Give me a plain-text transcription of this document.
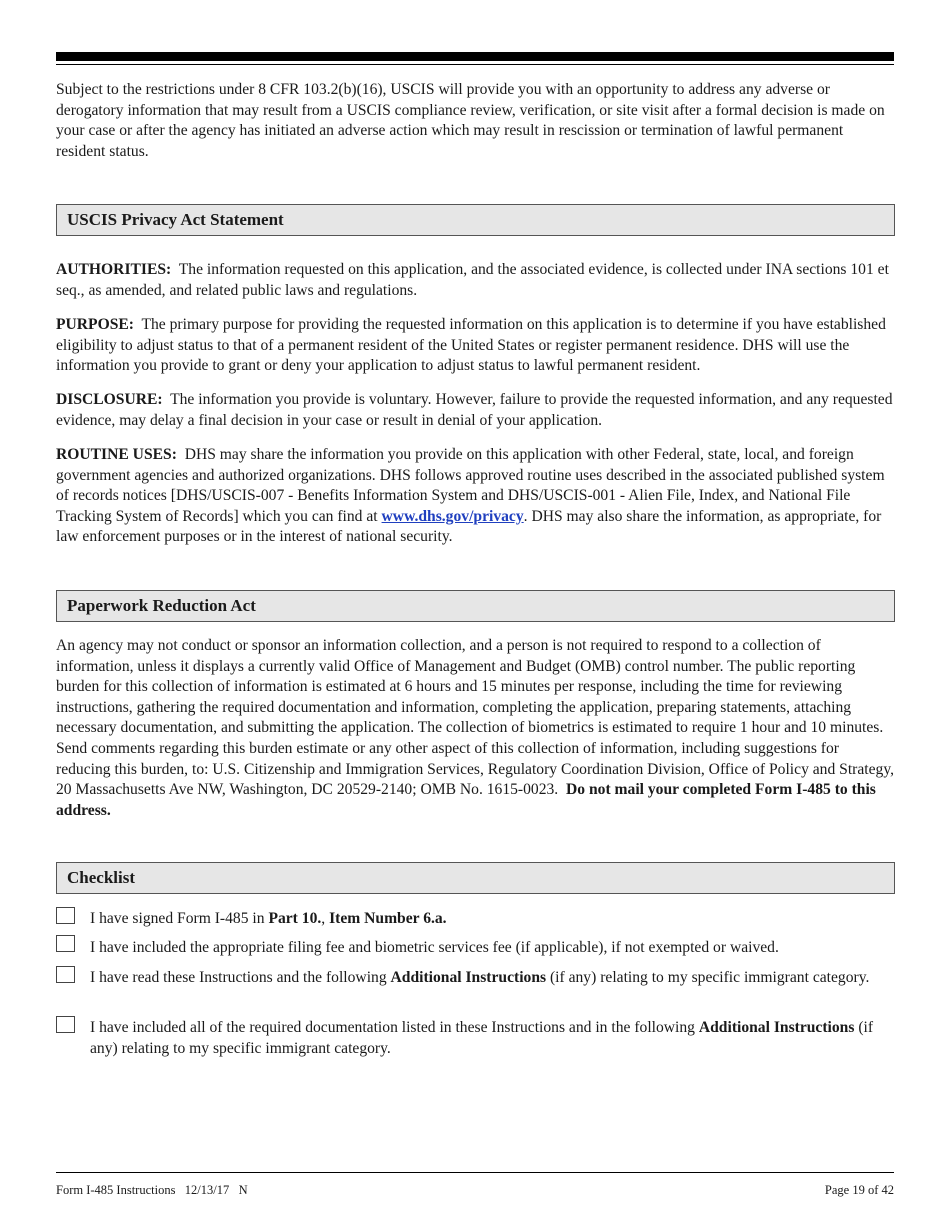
Subject to the restrictions under 8 CFR 103.2(b)(16), USCIS will provide you with an opportunity to address any adverse or derogatory information that may result from a USCIS compliance review, verification, or site visit after a formal decision is made on your case or after the agency has initiated an adverse action which may result in rescission or termination of lawful permanent resident status.

USCIS Privacy Act Statement

AUTHORITIES: The information requested on this application, and the associated evidence, is collected under INA sections 101 et seq., as amended, and related public laws and regulations.

PURPOSE: The primary purpose for providing the requested information on this application is to determine if you have established eligibility to adjust status to that of a permanent resident of the United States or register permanent residence. DHS will use the information you provide to grant or deny your application to adjust status to lawful permanent resident.

DISCLOSURE: The information you provide is voluntary. However, failure to provide the requested information, and any requested evidence, may delay a final decision in your case or result in denial of your application.

ROUTINE USES: DHS may share the information you provide on this application with other Federal, state, local, and foreign government agencies and authorized organizations. DHS follows approved routine uses described in the associated published system of records notices [DHS/USCIS-007 - Benefits Information System and DHS/USCIS-001 - Alien File, Index, and National File Tracking System of Records] which you can find at www.dhs.gov/privacy. DHS may also share the information, as appropriate, for law enforcement purposes or in the interest of national security.

Paperwork Reduction Act

An agency may not conduct or sponsor an information collection, and a person is not required to respond to a collection of information, unless it displays a currently valid Office of Management and Budget (OMB) control number. The public reporting burden for this collection of information is estimated at 6 hours and 15 minutes per response, including the time for reviewing instructions, gathering the required documentation and information, completing the application, preparing statements, attaching necessary documentation, and submitting the application. The collection of biometrics is estimated to require 1 hour and 10 minutes. Send comments regarding this burden estimate or any other aspect of this collection of information, including suggestions for reducing this burden, to: U.S. Citizenship and Immigration Services, Regulatory Coordination Division, Office of Policy and Strategy, 20 Massachusetts Ave NW, Washington, DC 20529-2140; OMB No. 1615-0023. Do not mail your completed Form I-485 to this address.

Checklist

I have signed Form I-485 in Part 10., Item Number 6.a.

I have included the appropriate filing fee and biometric services fee (if applicable), if not exempted or waived.

I have read these Instructions and the following Additional Instructions (if any) relating to my specific immigrant category.

I have included all of the required documentation listed in these Instructions and in the following Additional Instructions (if any) relating to my specific immigrant category.

Form I-485 Instructions   12/13/17   N	Page 19 of 42
